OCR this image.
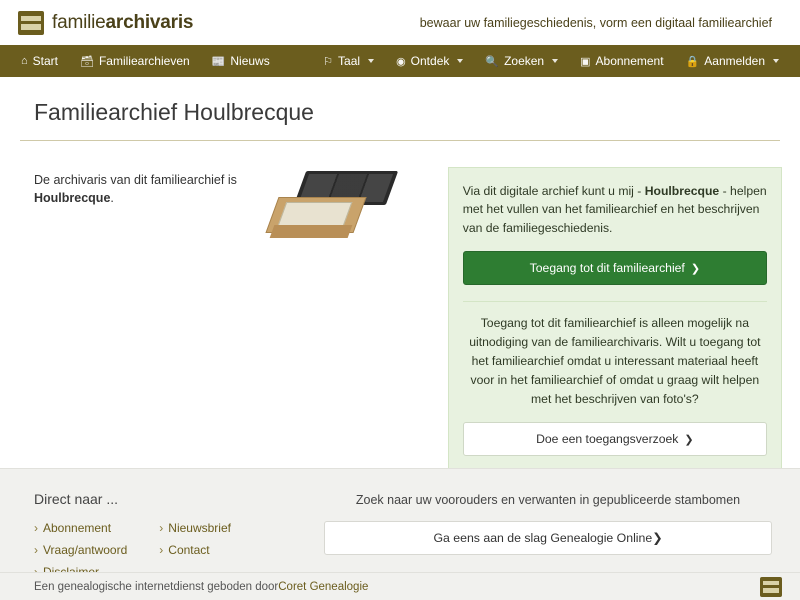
familiearchivaris	bewaar uw familiegeschiedenis, vorm een digitaal familiearchief
⌂ Start 🗃 Familiearchieven 📰 Nieuws	⚐ Taal	◉ Ontdek	🔍 Zoeken	▣ Abonnement 🔒 Aanmelden
Familiearchief Houlbrecque
De archivaris van dit familiearchief is
Houlbrecque.

Via dit digitale archief kunt u mij - Houlbrecque - helpen met het vullen van het familiearchief en het beschrijven van de familiegeschiedenis.

Toegang tot dit familiearchief ❯

Toegang tot dit familiearchief is alleen mogelijk na uitnodiging van de familiearchivaris. Wilt u toegang tot het familiearchief omdat u interessant materiaal heeft voor in het familiearchief of omdat u graag wilt helpen met het beschrijven van foto's?

Doe een toegangsverzoek ❯
Direct naar ...
› Abonnement
› Vraag/antwoord
›
› Nieuwsbrief
› Contact
Zoek naar uw voorouders en verwanten in gepubliceerde stambomen
Ga eens aan de slag Genealogie Online❯
Een genealogische internetdienst geboden door Coret Genealogie
